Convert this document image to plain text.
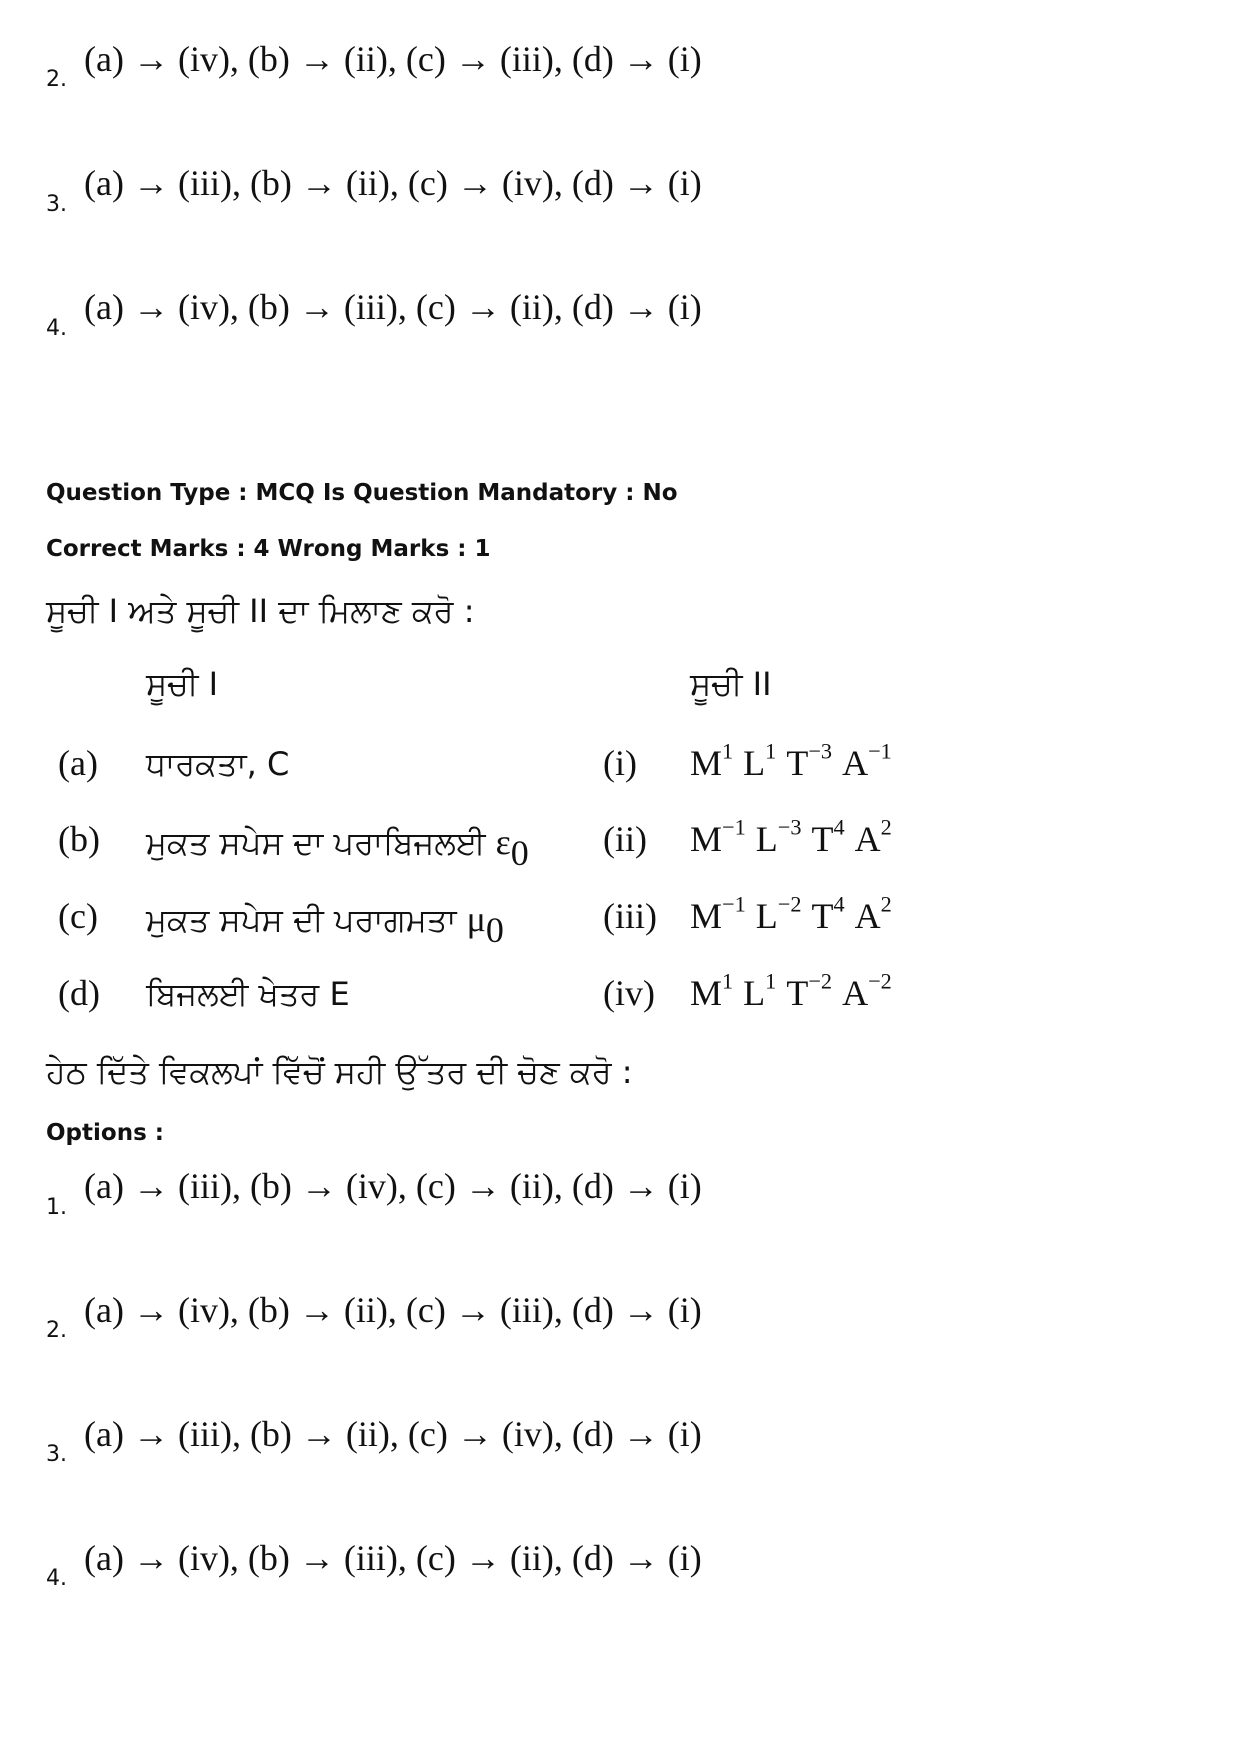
2.
(a) → (iv), (b) → (ii), (c) → (iii), (d) → (i)
3.
(a) → (iii), (b) → (ii), (c) → (iv), (d) → (i)
4.
(a) → (iv), (b) → (iii), (c) → (ii), (d) → (i)
Question Type : MCQ Is Question Mandatory : No
Correct Marks : 4 Wrong Marks : 1
ਸੂਚੀ I ਅਤੇ ਸੂਚੀ II ਦਾ ਮਿਲਾਣ ਕਰੋ :
ਸੂਚੀ I	ਸੂਚੀ II
(a) ਧਾਰਕਤਾ, C	(i) $M^1$ $L^1$ $T^{-3}$ $A^{-1}$
(b) ਮੁਕਤ ਸਪੇਸ ਦਾ ਪਰਾਬਿਜਲਈ $\varepsilon_0$ (ii) $M^{-1}$ $L^{-3}$ $T^4$ $A^2$
(c) ਮੁਕਤ ਸਪੇਸ ਦੀ ਪਰਾਗਮਤਾ $\mu_0$	(iii) $M^{-1}$ $L^{-2}$ $T^4$ $A^2$
(d) ਬਿਜਲਈ ਖੇਤਰ E	(iv) $M^1$ $L^1$ $T^{-2}$ $A^{-2}$
ਹੇਠ ਦਿੱਤੇ ਵਿਕਲਪਾਂ ਵਿੱਚੋਂ ਸਹੀ ਉੱਤਰ ਦੀ ਚੋਣ ਕਰੋ :
Options :
1.
(a) → (iii), (b) → (iv), (c) → (ii), (d) → (i)
2.
(a) → (iv), (b) → (ii), (c) → (iii), (d) → (i)
3.
(a) → (iii), (b) → (ii), (c) → (iv), (d) → (i)
4.
(a) → (iv), (b) → (iii), (c) → (ii), (d) → (i)
